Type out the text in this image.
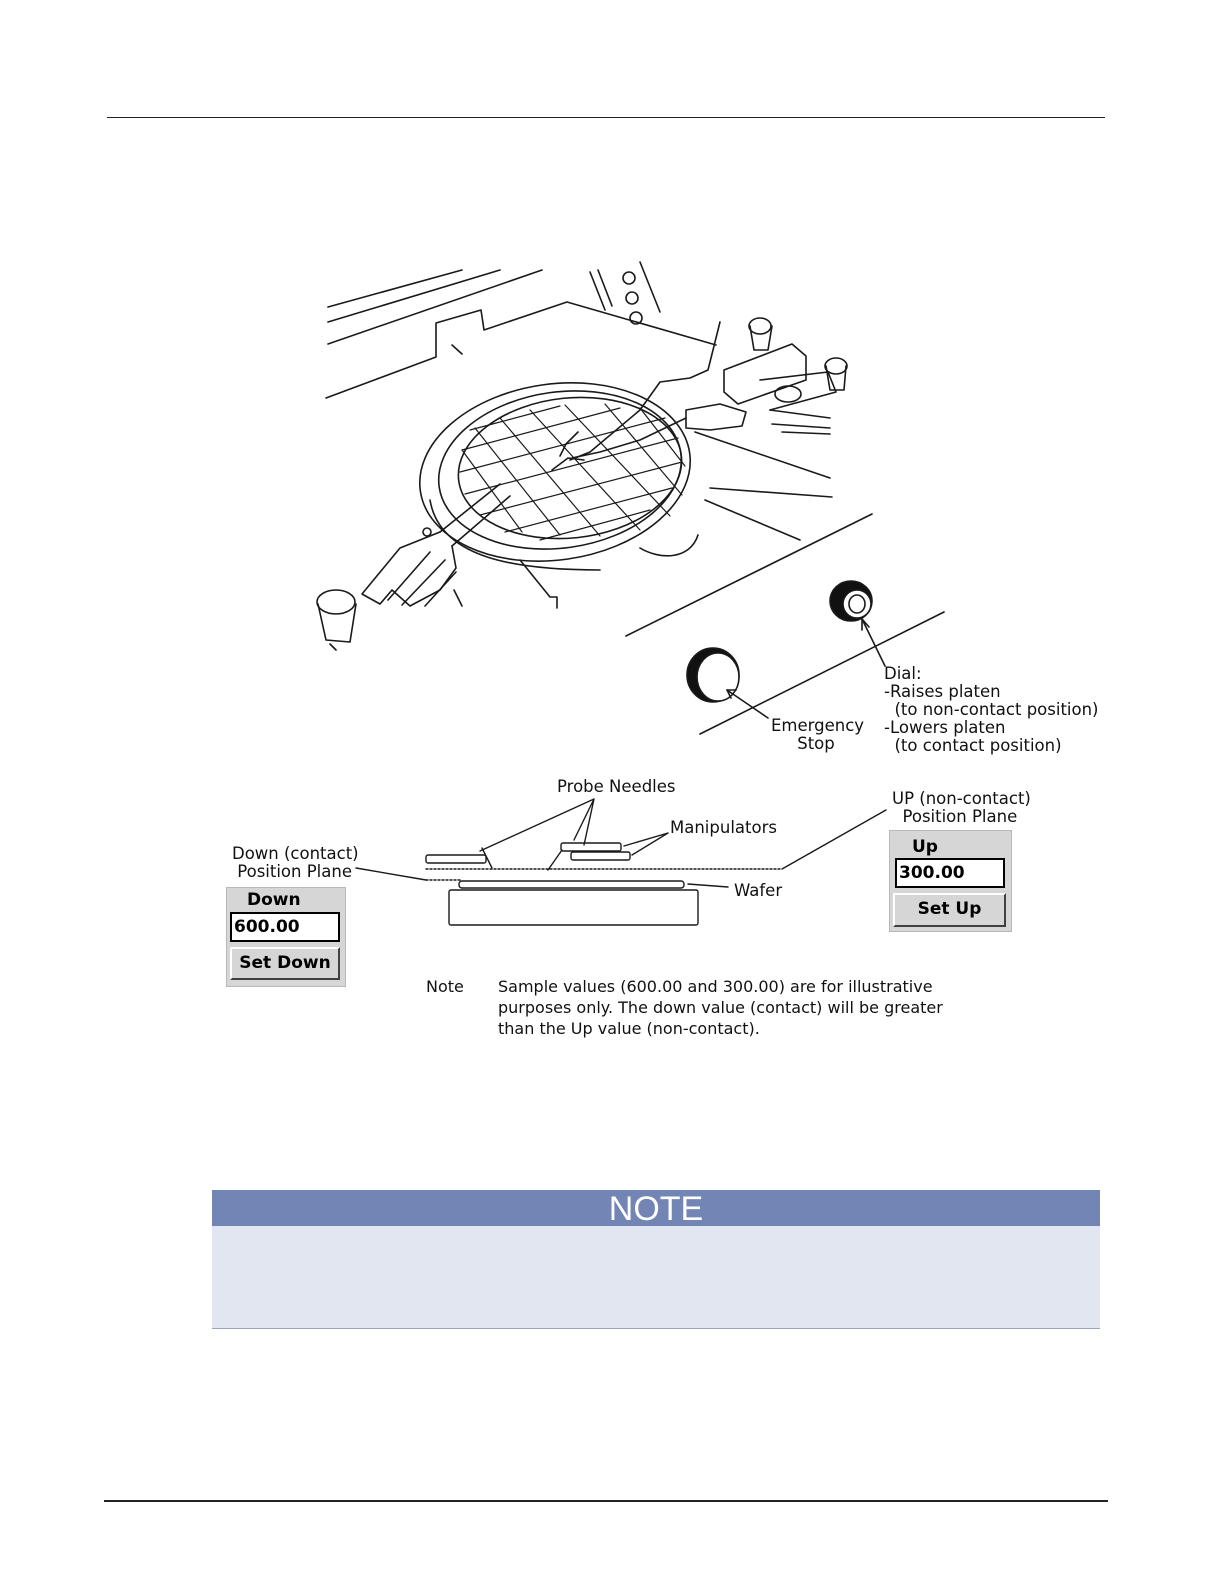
Dial:
-Raises platen
(to non-contact position)
-Lowers platen
(to contact position)
Emergency
Stop
Probe Needles
Manipulators
Wafer
Down (contact)
Position Plane
UP (non-contact)
Position Plane
Down
600.00
Set Down
Up
300.00
Set Up
Note Sample values (600.00 and 300.00) are for illustrative purposes only. The down value (contact) will be greater than the Up value (non-contact).
NOTE
